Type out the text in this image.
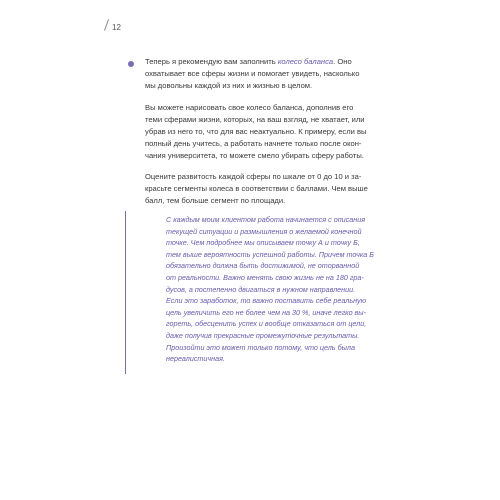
12
Теперь я рекомендую вам заполнить колесо баланса. Оно
охватывает все сферы жизни и помогает увидеть, насколько
мы довольны каждой из них и жизнью в целом.
Вы можете нарисовать свое колесо баланса, дополнив его
теми сферами жизни, которых, на ваш взгляд, не хватает, или
убрав из него то, что для вас неактуально. К примеру, если вы
полный день учитесь, а работать начнете только после окон-
чания университета, то можете смело убирать сферу работы.
Оцените развитость каждой сферы по шкале от 0 до 10 и за-
красьте сегменты колеса в соответствии с баллами. Чем выше
балл, тем больше сегмент по площади.
С каждым моим клиентом работа начинается с описания
текущей ситуации и размышления о желаемой конечной
точке. Чем подробнее мы описываем точку А и точку Б,
тем выше вероятность успешной работы. Причем точка Б
обязательно должна быть достижимой, не оторванной
от реальности. Важно менять свою жизнь не на 180 гра-
дусов, а постепенно двигаться в нужном направлении.
Если это заработок, то важно поставить себе реальную
цель увеличить его не более чем на 30 %, иначе легко вы-
гореть, обесценить успех и вообще отказаться от цели,
даже получив прекрасные промежуточные результаты.
Произойти это может только потому, что цель была
нереалистичная.
